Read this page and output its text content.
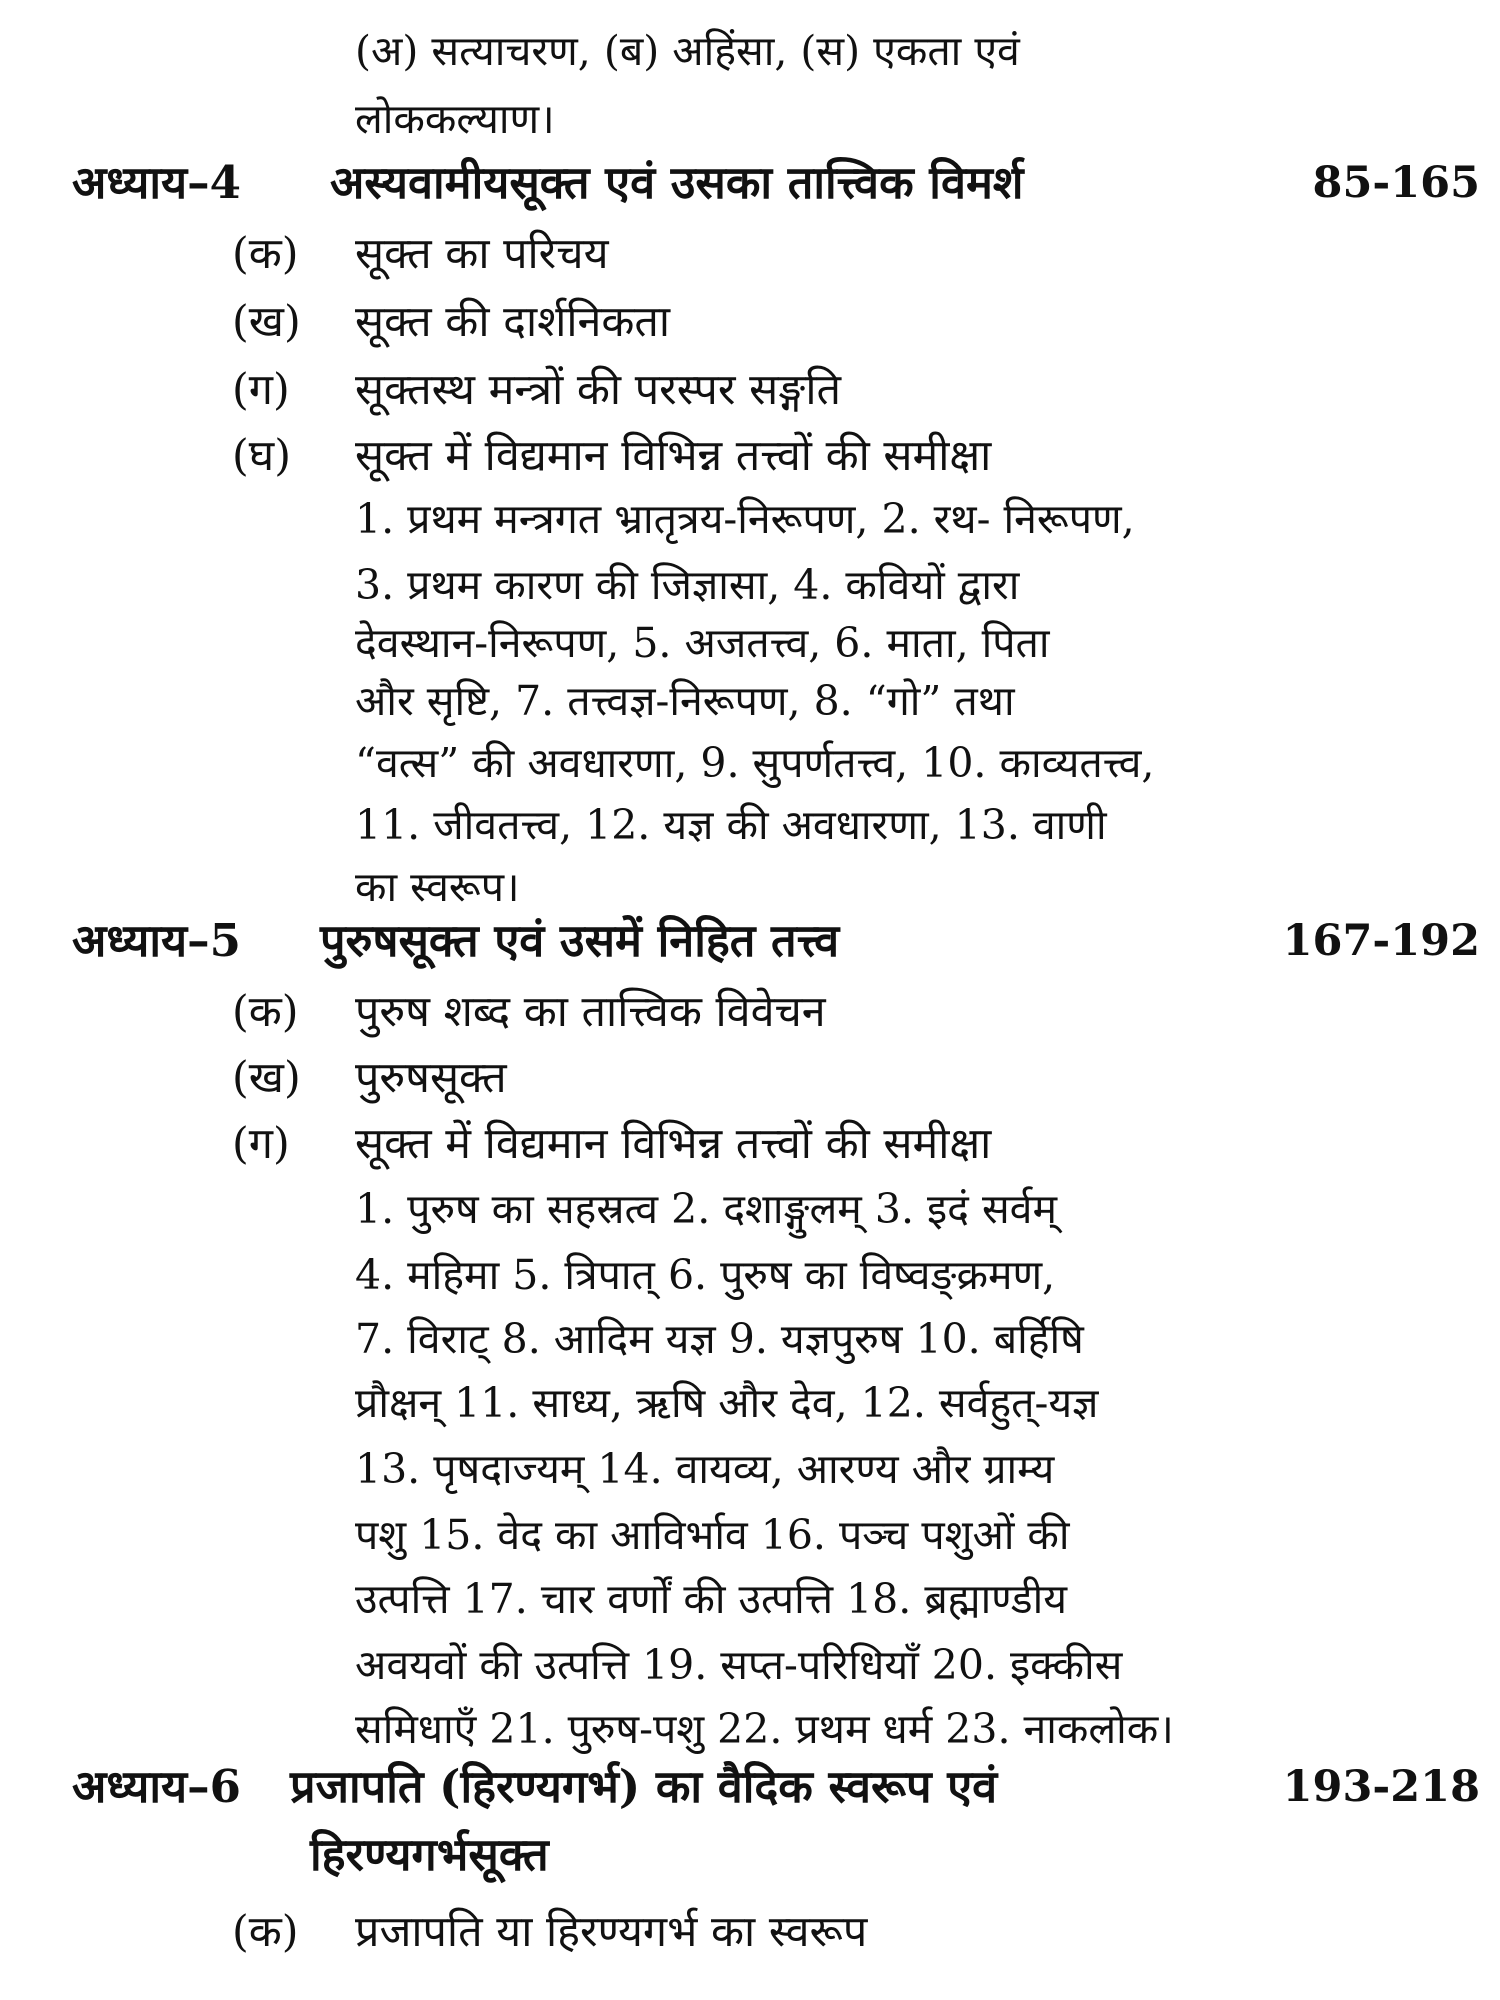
(अ) सत्याचरण, (ब) अहिंसा, (स) एकता एवं
लोककल्याण।
अध्याय–4 अस्यवामीयसूक्त एवं उसका तात्त्विक विमर्श	85-165
(क) सूक्त का परिचय
(ख) सूक्त की दार्शनिकता
(ग) सूक्तस्थ मन्त्रों की परस्पर सङ्गति
(घ) सूक्त में विद्यमान विभिन्न तत्त्वों की समीक्षा
1. प्रथम मन्त्रगत भ्रातृत्रय-निरूपण, 2. रथ- निरूपण,
3. प्रथम कारण की जिज्ञासा, 4. कवियों द्वारा
देवस्थान-निरूपण, 5. अजतत्त्व, 6. माता, पिता
और सृष्टि, 7. तत्त्वज्ञ-निरूपण, 8. “गो” तथा
“वत्स” की अवधारणा, 9. सुपर्णतत्त्व, 10. काव्यतत्त्व,
11. जीवतत्त्व, 12. यज्ञ की अवधारणा, 13. वाणी
का स्वरूप।
अध्याय–5 पुरुषसूक्त एवं उसमें निहित तत्त्व	167-192
(क) पुरुष शब्द का तात्त्विक विवेचन
(ख) पुरुषसूक्त
(ग) सूक्त में विद्यमान विभिन्न तत्त्वों की समीक्षा
1. पुरुष का सहस्रत्व 2. दशाङ्गुलम् 3. इदं सर्वम्
4. महिमा 5. त्रिपात् 6. पुरुष का विष्वङ्क्रमण,
7. विराट् 8. आदिम यज्ञ 9. यज्ञपुरुष 10. बर्हिषि
प्रौक्षन् 11. साध्य, ऋषि और देव, 12. सर्वहुत्-यज्ञ
13. पृषदाज्यम् 14. वायव्य, आरण्य और ग्राम्य
पशु 15. वेद का आविर्भाव 16. पञ्च पशुओं की
उत्पत्ति 17. चार वर्णों की उत्पत्ति 18. ब्रह्माण्डीय
अवयवों की उत्पत्ति 19. सप्त-परिधियाँ 20. इक्कीस
समिधाएँ 21. पुरुष-पशु 22. प्रथम धर्म 23. नाकलोक।
अध्याय–6 प्रजापति (हिरण्यगर्भ) का वैदिक स्वरूप एवं	193-218
हिरण्यगर्भसूक्त
(क) प्रजापति या हिरण्यगर्भ का स्वरूप
